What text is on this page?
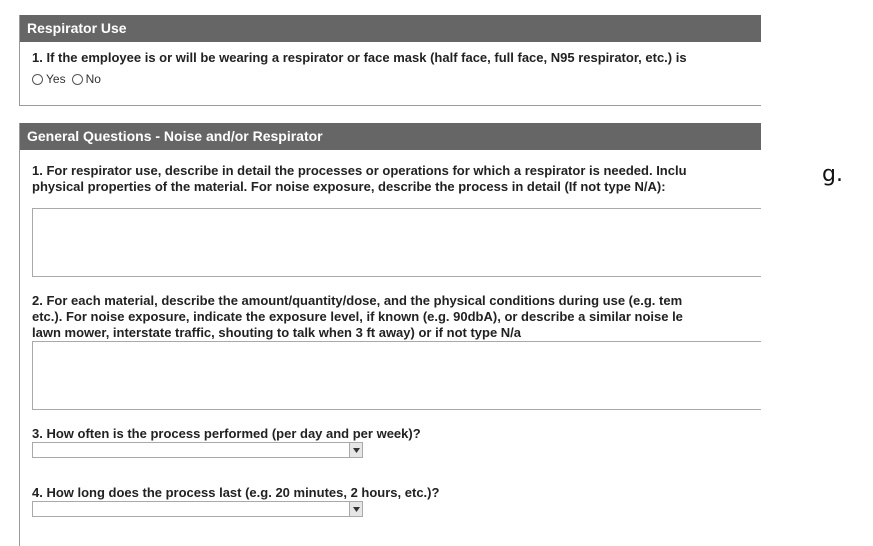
Respirator Use
1. If the employee is or will be wearing a respirator or face mask (half face, full face, N95 respirator, etc.) is
Yes No
General Questions - Noise and/or Respirator
1. For respirator use, describe in detail the processes or operations for which a respirator is needed. Inclu
physical properties of the material. For noise exposure, describe the process in detail (If not type N/A):
2. For each material, describe the amount/quantity/dose, and the physical conditions during use (e.g. tem
etc.). For noise exposure, indicate the exposure level, if known (e.g. 90dbA), or describe a similar noise le
lawn mower, interstate traffic, shouting to talk when 3 ft away) or if not type N/a
3. How often is the process performed (per day and per week)?
4. How long does the process last (e.g. 20 minutes, 2 hours, etc.)?
g.
